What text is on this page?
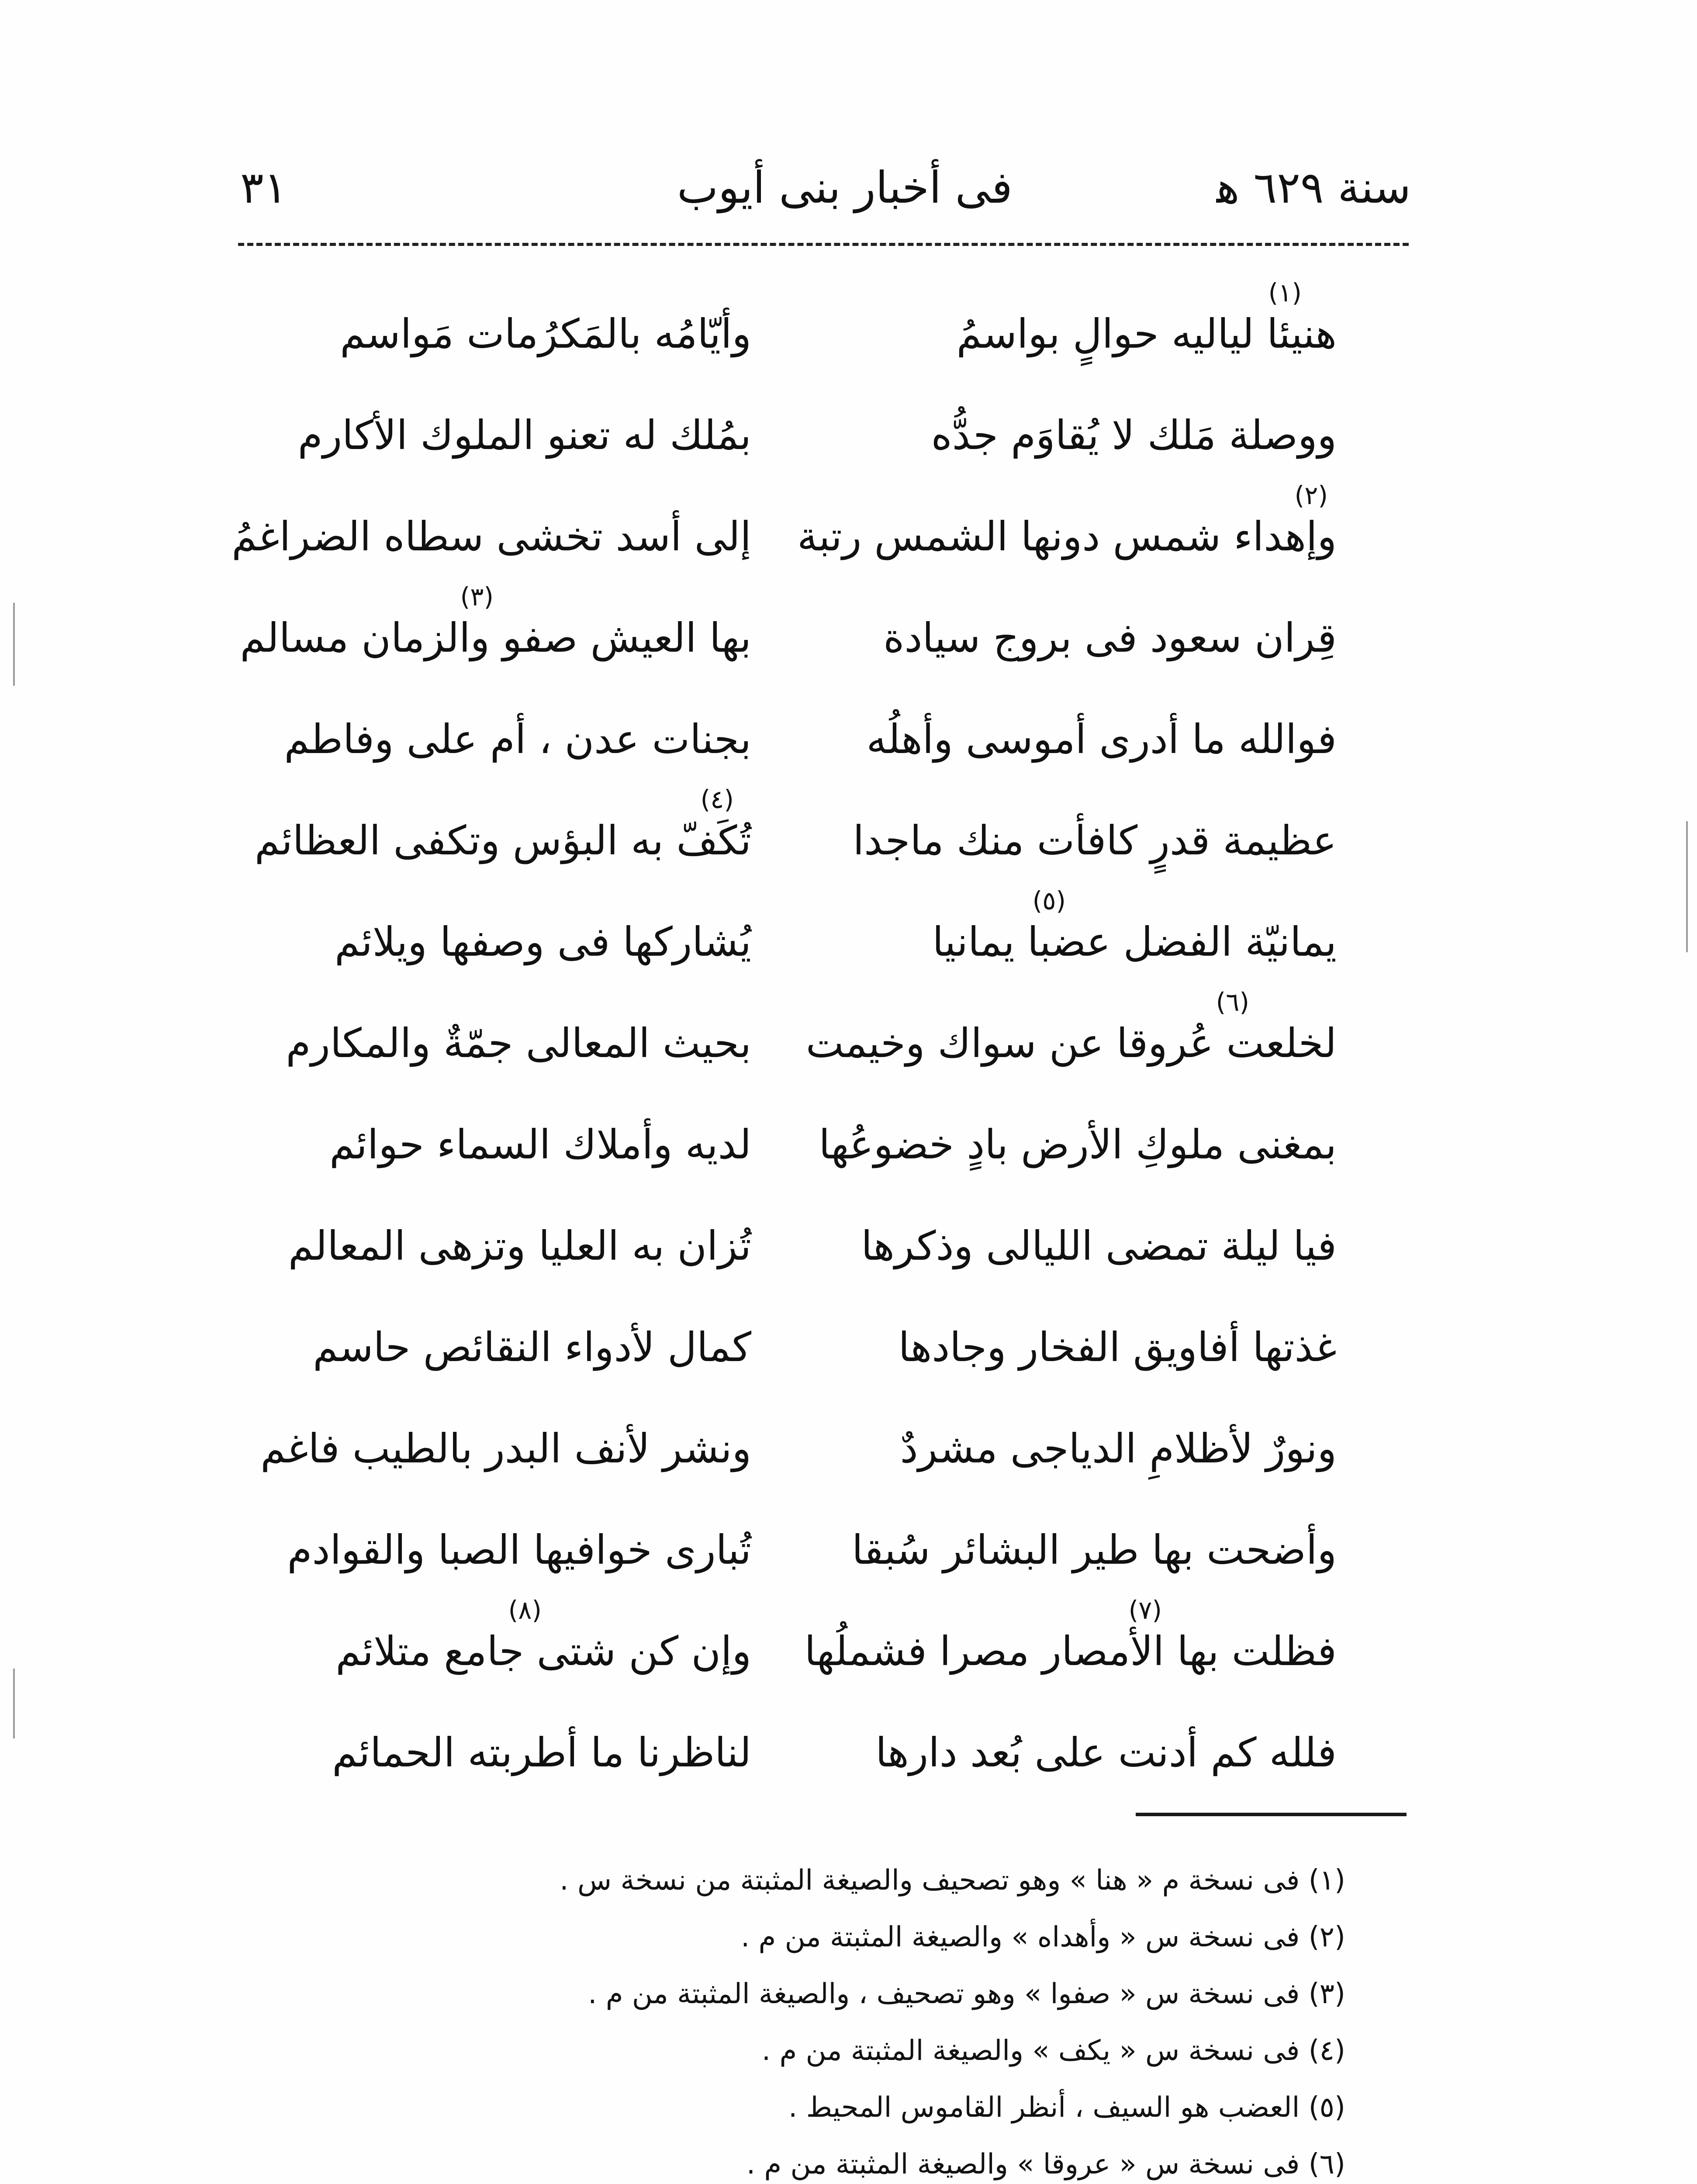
٣١	فى أخبار بنى أيوب	سنة ٦٢٩ ﻫ
(١)
هنيئا لياليه حوالٍ بواسمُ
وأيّامُه بالمَكرُمات مَواسم
ووصلة مَلك لا يُقاوَم جدُّه
بمُلك له تعنو الملوك الأكارم
(٢)
وإهداء شمس دونها الشمس رتبة
إلى أسد تخشى سطاه الضراغمُ
(٣)
قِران سعود فى بروج سيادة
بها العيش صفو والزمان مسالم
فوالله ما أدرى أموسى وأهلُه
بجنات عدن ، أم على وفاطم
(٤)
عظيمة قدرٍ كافأت منك ماجدا
تُكَفّ به البؤس وتكفى العظائم
(٥)
يمانيّة الفضل عضبا يمانيا
يُشاركها فى وصفها ويلائم
(٦)
لخلعت عُروقا عن سواك وخيمت
بحيث المعالى جمّةٌ والمكارم
بمغنى ملوكِ الأرض بادٍ خضوعُها
لديه وأملاك السماء حوائم
فيا ليلة تمضى الليالى وذكرها
تُزان به العليا وتزهى المعالم
غذتها أفاويق الفخار وجادها
كمال لأدواء النقائص حاسم
ونورٌ لأظلامِ الدياجى مشردٌ
ونشر لأنف البدر بالطيب فاغم
وأضحت بها طير البشائر سُبقا
تُبارى خوافيها الصبا والقوادم
(٧)
(٨)
فظلت بها الأمصار مصرا فشملُها
وإن كن شتى جامع متلائم
فلله كم أدنت على بُعد دارها
لناظرنا ما أطربته الحمائم
(١) فى نسخة م « هنا » وهو تصحيف والصيغة المثبتة من نسخة س .
(٢) فى نسخة س « وأهداه » والصيغة المثبتة من م .
(٣) فى نسخة س « صفوا » وهو تصحيف ، والصيغة المثبتة من م .
(٤) فى نسخة س « يكف » والصيغة المثبتة من م .
(٥) العضب هو السيف ، أنظر القاموس المحيط .
(٦) فى نسخة س « عروقا » والصيغة المثبتة من م .
